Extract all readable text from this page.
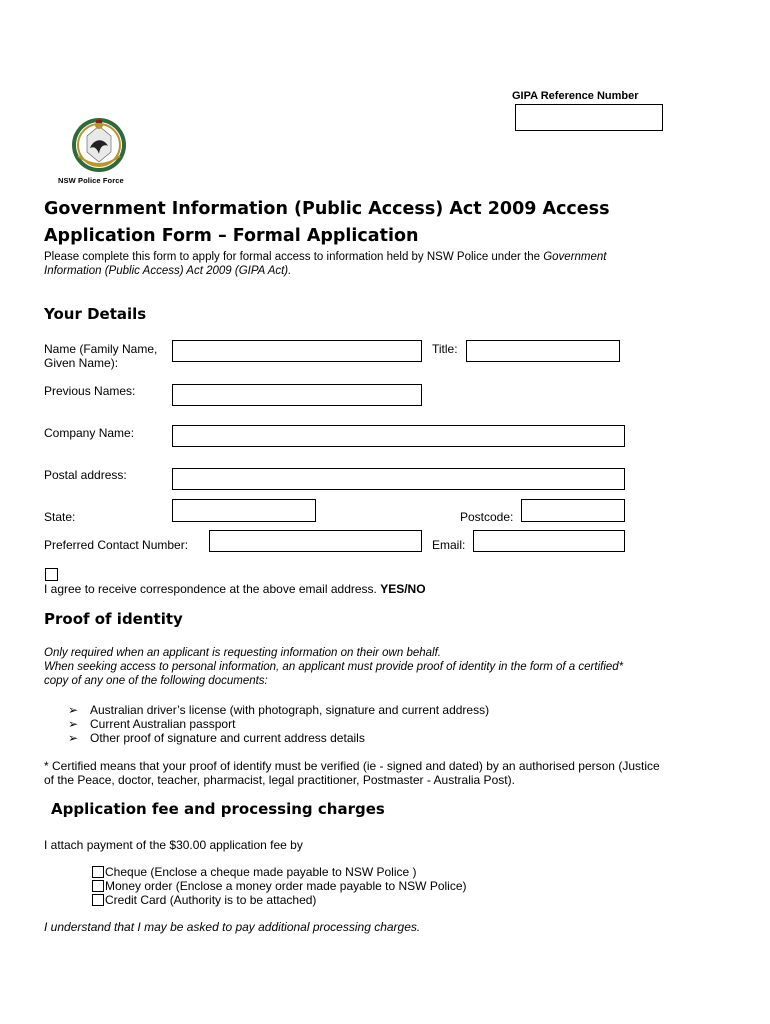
GIPA Reference Number
NSW Police Force
Government Information (Public Access) Act 2009 Access
Application Form – Formal Application
Please complete this form to apply for formal access to information held by NSW Police under the Government
Information (Public Access) Act 2009 (GIPA Act).
Your Details
Name (Family Name,
Given Name):
Title:
Previous Names:
Company Name:
Postal address:
State:	Postcode:
Preferred Contact Number:	Email:
I agree to receive correspondence at the above email address. YES/NO
Proof of identity
Only required when an applicant is requesting information on their own behalf.
When seeking access to personal information, an applicant must provide proof of identity in the form of a certified*
copy of any one of the following documents:
➢ Australian driver’s license (with photograph, signature and current address)
➢ Current Australian passport
➢ Other proof of signature and current address details
* Certified means that your proof of identify must be verified (ie - signed and dated) by an authorised person (Justice
of the Peace, doctor, teacher, pharmacist, legal practitioner, Postmaster - Australia Post).
Application fee and processing charges
I attach payment of the $30.00 application fee by
Cheque (Enclose a cheque made payable to NSW Police )
Money order (Enclose a money order made payable to NSW Police)
Credit Card (Authority is to be attached)
I understand that I may be asked to pay additional processing charges.
